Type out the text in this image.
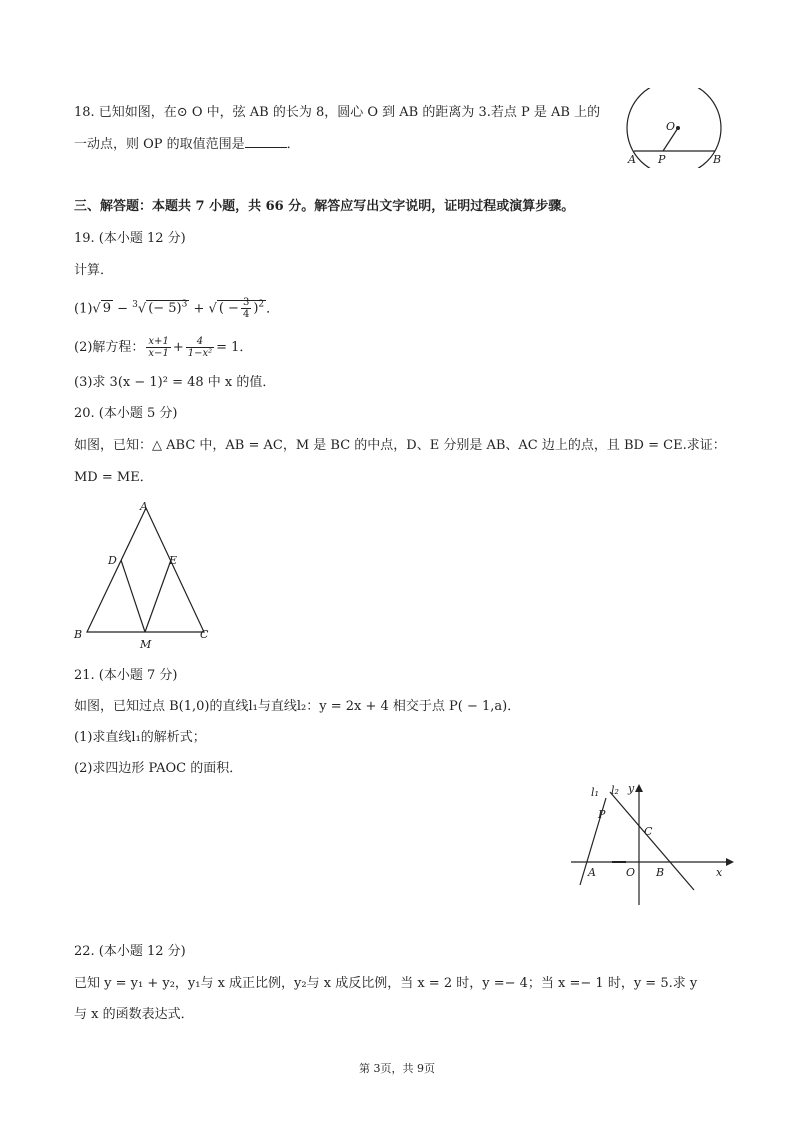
18. 已知如图，在⊙ O 中，弦 AB 的长为 8，圆心 O 到 AB 的距离为 3.若点 P 是 AB 上的
一动点，则 OP 的取值范围是	．
O
A P	B
三、解答题：本题共 7 小题，共 66 分。解答应写出文字说明，证明过程或演算步骤。
19. (本小题 12 分)
计算．
(1)√ 9 − $^3$√ (− 5)$^3$ + √ ( − $\frac{3}{4} )^2$ ．
(2)解方程： $\frac{x+1}{x-1} + \frac{4}{\text{1−x²}} = 1$．
(3)求 3(x − 1)² = 48 中 x 的值．
20. (本小题 5 分)
如图，已知：△ ABC 中，AB = AC，M 是 BC 的中点，D、E 分别是 AB、AC 边上的点，且 BD = CE.求证：
MD = ME．
A
D	E
B
M
C
21. (本小题 7 分)
如图，已知过点 B(1,0)的直线l₁与直线l₂：y = 2x + 4 相交于点 P( − 1,a)．
(1)求直线l₁的解析式；
(2)求四边形 PAOC 的面积．
l₁ l₂ y
P
C
A	O B	x
22. (本小题 12 分)
已知 y = y₁ + y₂，y₁与 x 成正比例，y₂与 x 成反比例，当 x = 2 时，y =− 4；当 x =− 1 时，y = 5.求 y
与 x 的函数表达式．
第 3页，共 9页
